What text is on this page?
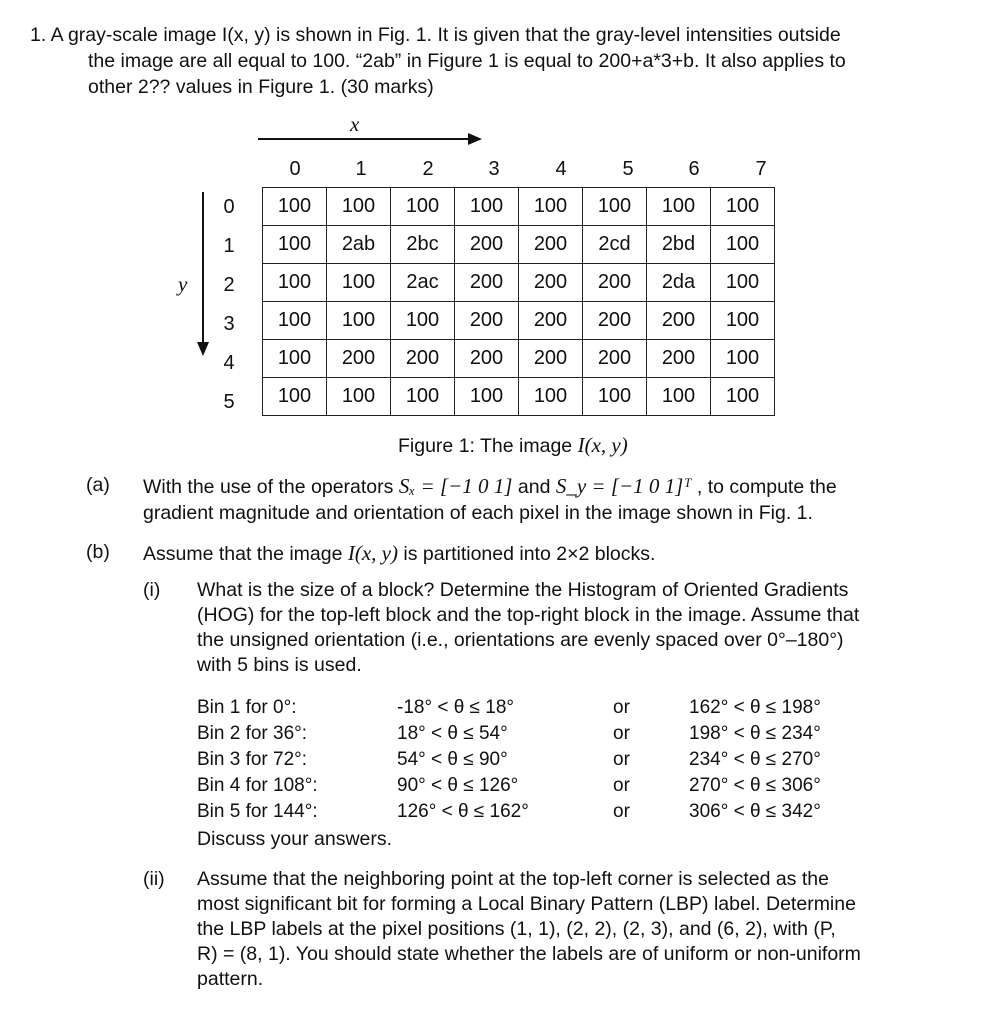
1. A gray-scale image I(x, y) is shown in Fig. 1. It is given that the gray-level intensities outside
the image are all equal to 100. “2ab” in Figure 1 is equal to 200+a*3+b. It also applies to
other 2?? values in Figure 1. (30 marks)
x
y
0	1	2	3	4	5	6	7
0
1
2
3
4
5
100	100	100	100	100	100	100	100
100	2ab	2bc	200	200	2cd	2bd	100
100	100	2ac	200	200	200	2da	100
100	100	100	200	200	200	200	100
100	200	200	200	200	200	200	100
100	100	100	100	100	100	100	100
Figure 1: The image I(x, y)
(a) With the use of the operators Sₓ = [−1 0 1] and S_y = [−1 0 1]ᵀ , to compute the
gradient magnitude and orientation of each pixel in the image shown in Fig. 1.
(b) Assume that the image I(x, y) is partitioned into 2×2 blocks.
(i) What is the size of a block? Determine the Histogram of Oriented Gradients
(HOG) for the top-left block and the top-right block in the image. Assume that
the unsigned orientation (i.e., orientations are evenly spaced over 0°–180°)
with 5 bins is used.
Bin 1 for 0°:	-18° < θ ≤ 18°	or	162° < θ ≤ 198°
Bin 2 for 36°:	18° < θ ≤ 54°	or	198° < θ ≤ 234°
Bin 3 for 72°:	54° < θ ≤ 90°	or	234° < θ ≤ 270°
Bin 4 for 108°:	90° < θ ≤ 126°	or	270° < θ ≤ 306°
Bin 5 for 144°:	126° < θ ≤ 162°	or	306° < θ ≤ 342°
Discuss your answers.
(ii) Assume that the neighboring point at the top-left corner is selected as the
most significant bit for forming a Local Binary Pattern (LBP) label. Determine
the LBP labels at the pixel positions (1, 1), (2, 2), (2, 3), and (6, 2), with (P,
R) = (8, 1). You should state whether the labels are of uniform or non-uniform
pattern.
